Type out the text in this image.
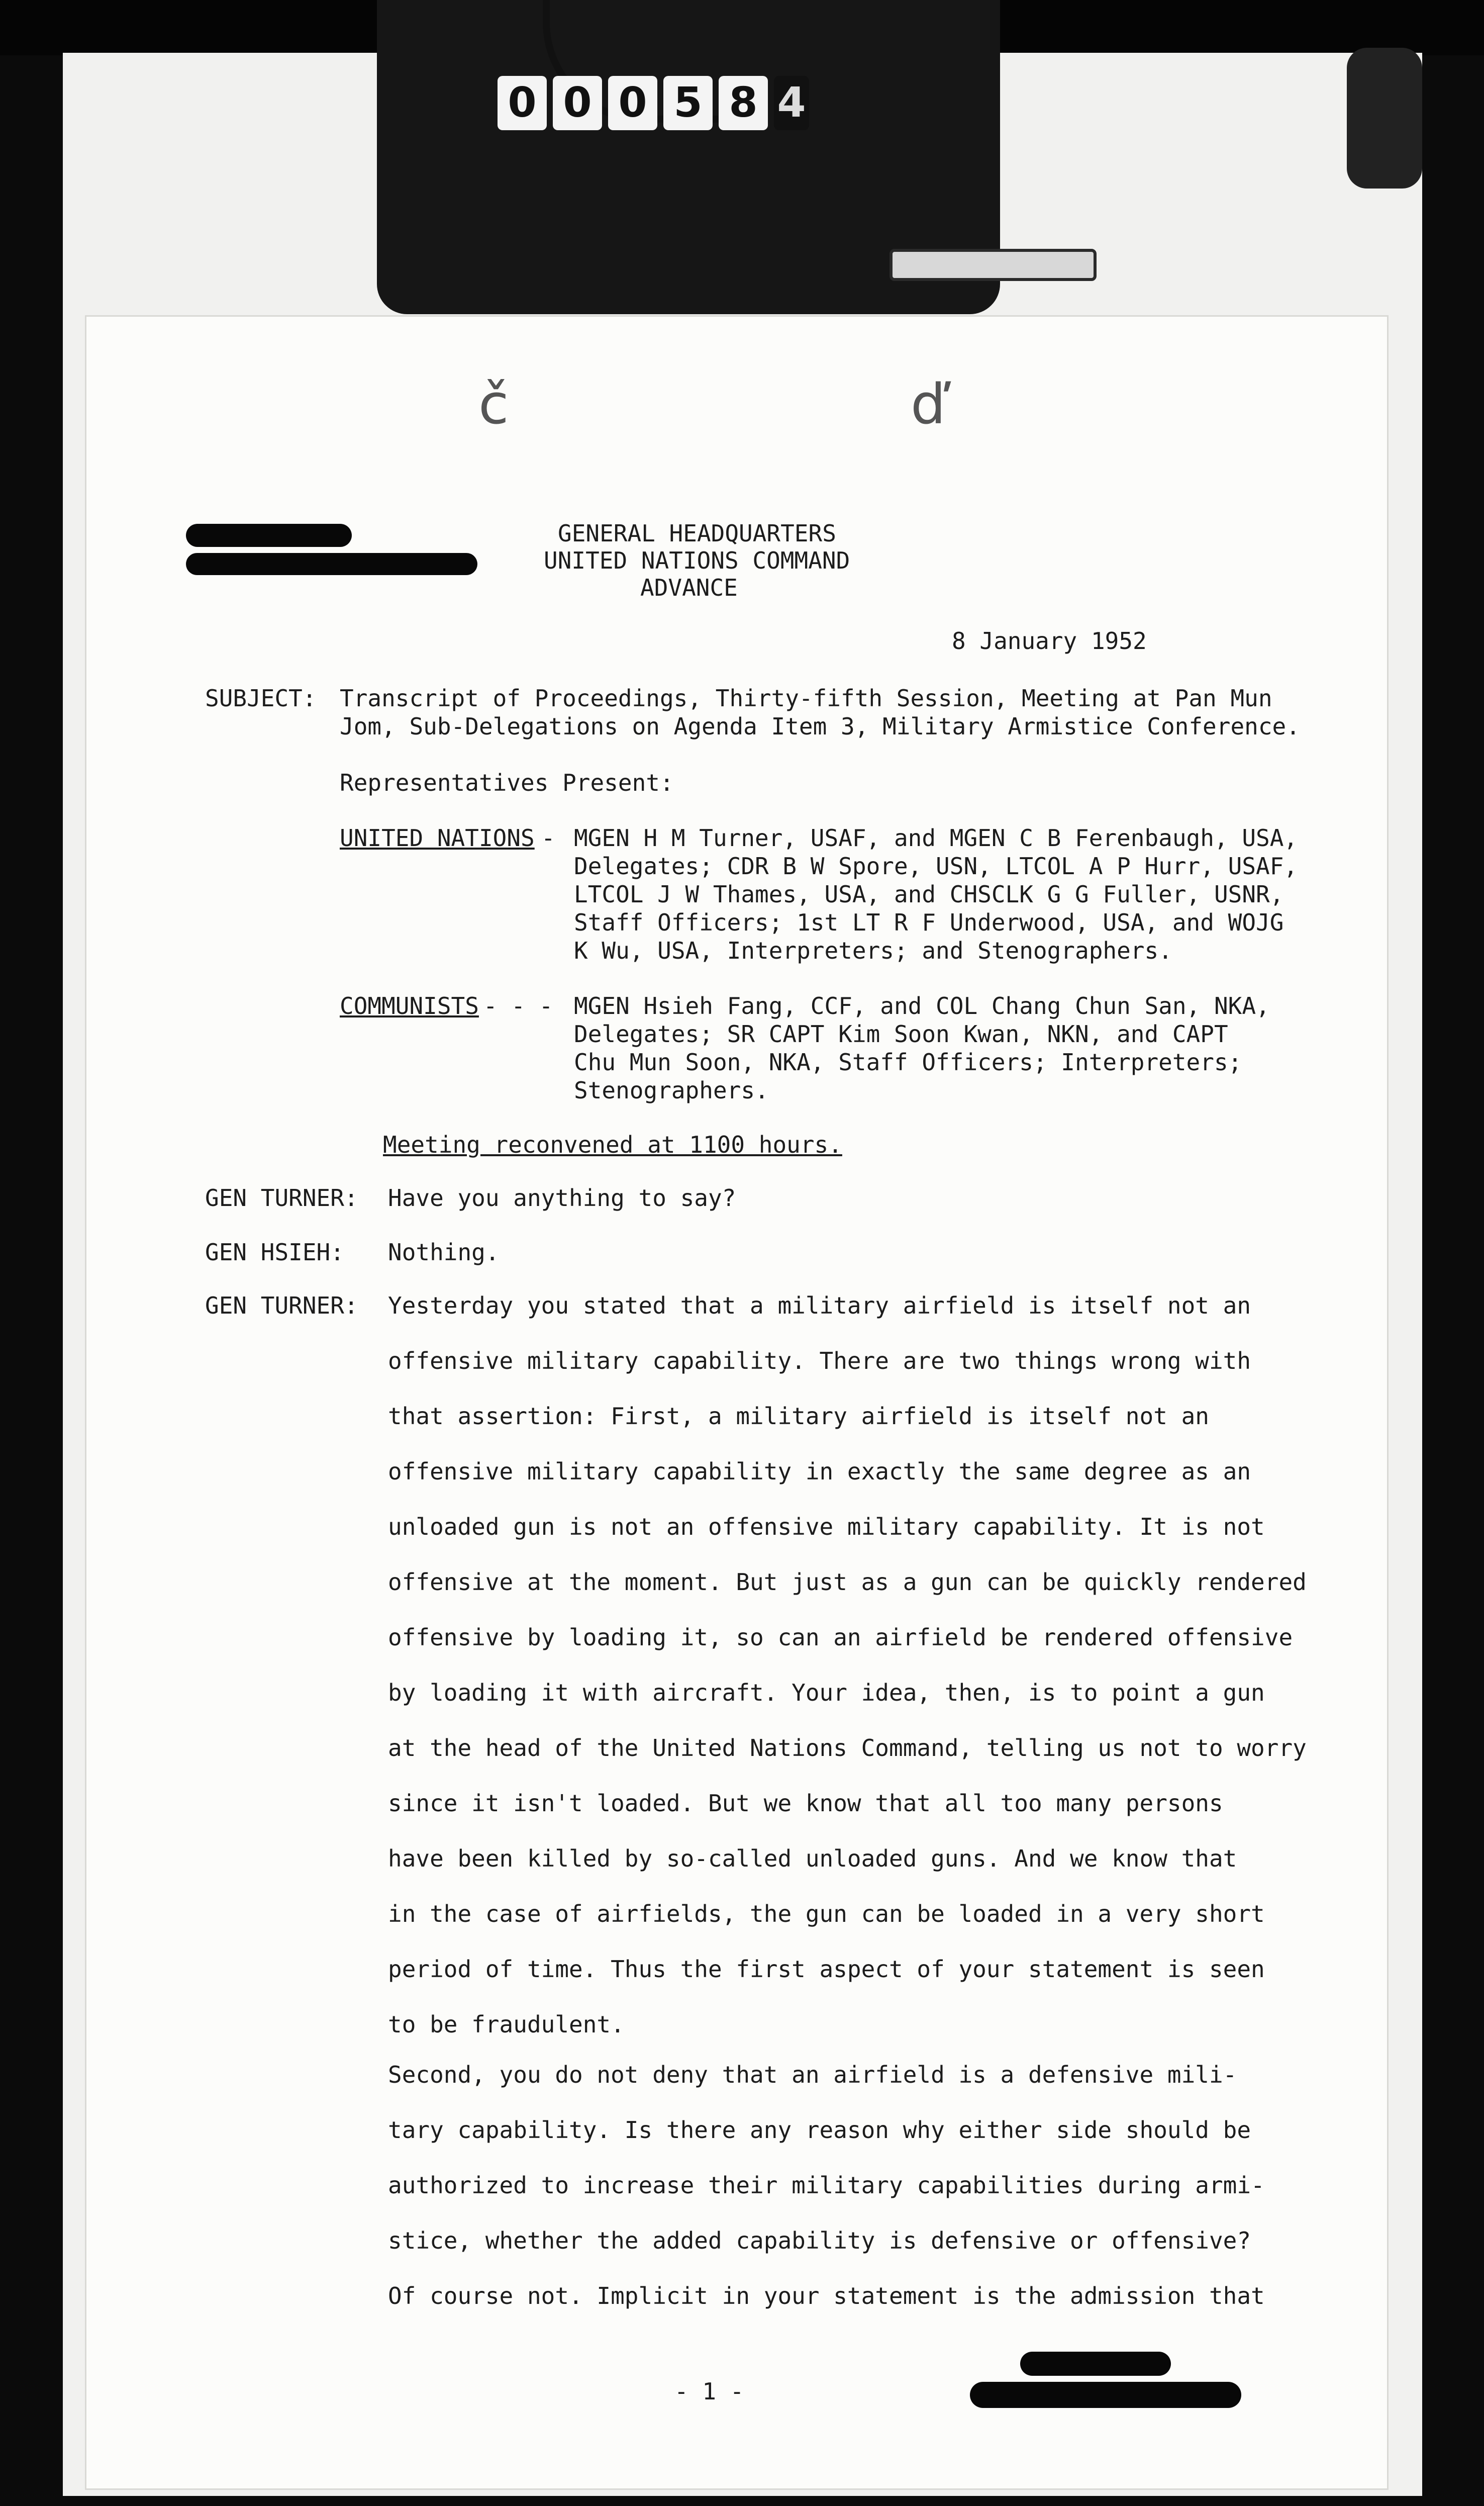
0 0 0 5 8 4
č	ď
GENERAL HEADQUARTERS
UNITED NATIONS COMMAND
ADVANCE
8 January 1952
SUBJECT: Transcript of Proceedings, Thirty-fifth Session, Meeting at Pan Mun
Jom, Sub-Delegations on Agenda Item 3, Military Armistice Conference.
Representatives Present:
UNITED NATIONS - MGEN H M Turner, USAF, and MGEN C B Ferenbaugh, USA,
Delegates; CDR B W Spore, USN, LTCOL A P Hurr, USAF,
LTCOL J W Thames, USA, and CHSCLK G G Fuller, USNR,
Staff Officers; 1st LT R F Underwood, USA, and WOJG
K Wu, USA, Interpreters; and Stenographers.
COMMUNISTS - - - MGEN Hsieh Fang, CCF, and COL Chang Chun San, NKA,
Delegates; SR CAPT Kim Soon Kwan, NKN, and CAPT
Chu Mun Soon, NKA, Staff Officers; Interpreters;
Stenographers.
Meeting reconvened at 1100 hours.
GEN TURNER: Have you anything to say?
GEN HSIEH: Nothing.
GEN TURNER: Yesterday you stated that a military airfield is itself not an
offensive military capability. There are two things wrong with
that assertion: First, a military airfield is itself not an
offensive military capability in exactly the same degree as an
unloaded gun is not an offensive military capability. It is not
offensive at the moment. But just as a gun can be quickly rendered
offensive by loading it, so can an airfield be rendered offensive
by loading it with aircraft. Your idea, then, is to point a gun
at the head of the United Nations Command, telling us not to worry
since it isn't loaded. But we know that all too many persons
have been killed by so-called unloaded guns. And we know that
in the case of airfields, the gun can be loaded in a very short
period of time. Thus the first aspect of your statement is seen
to be fraudulent.
Second, you do not deny that an airfield is a defensive mili-
tary capability. Is there any reason why either side should be
authorized to increase their military capabilities during armi-
stice, whether the added capability is defensive or offensive?
Of course not. Implicit in your statement is the admission that
- 1 -
